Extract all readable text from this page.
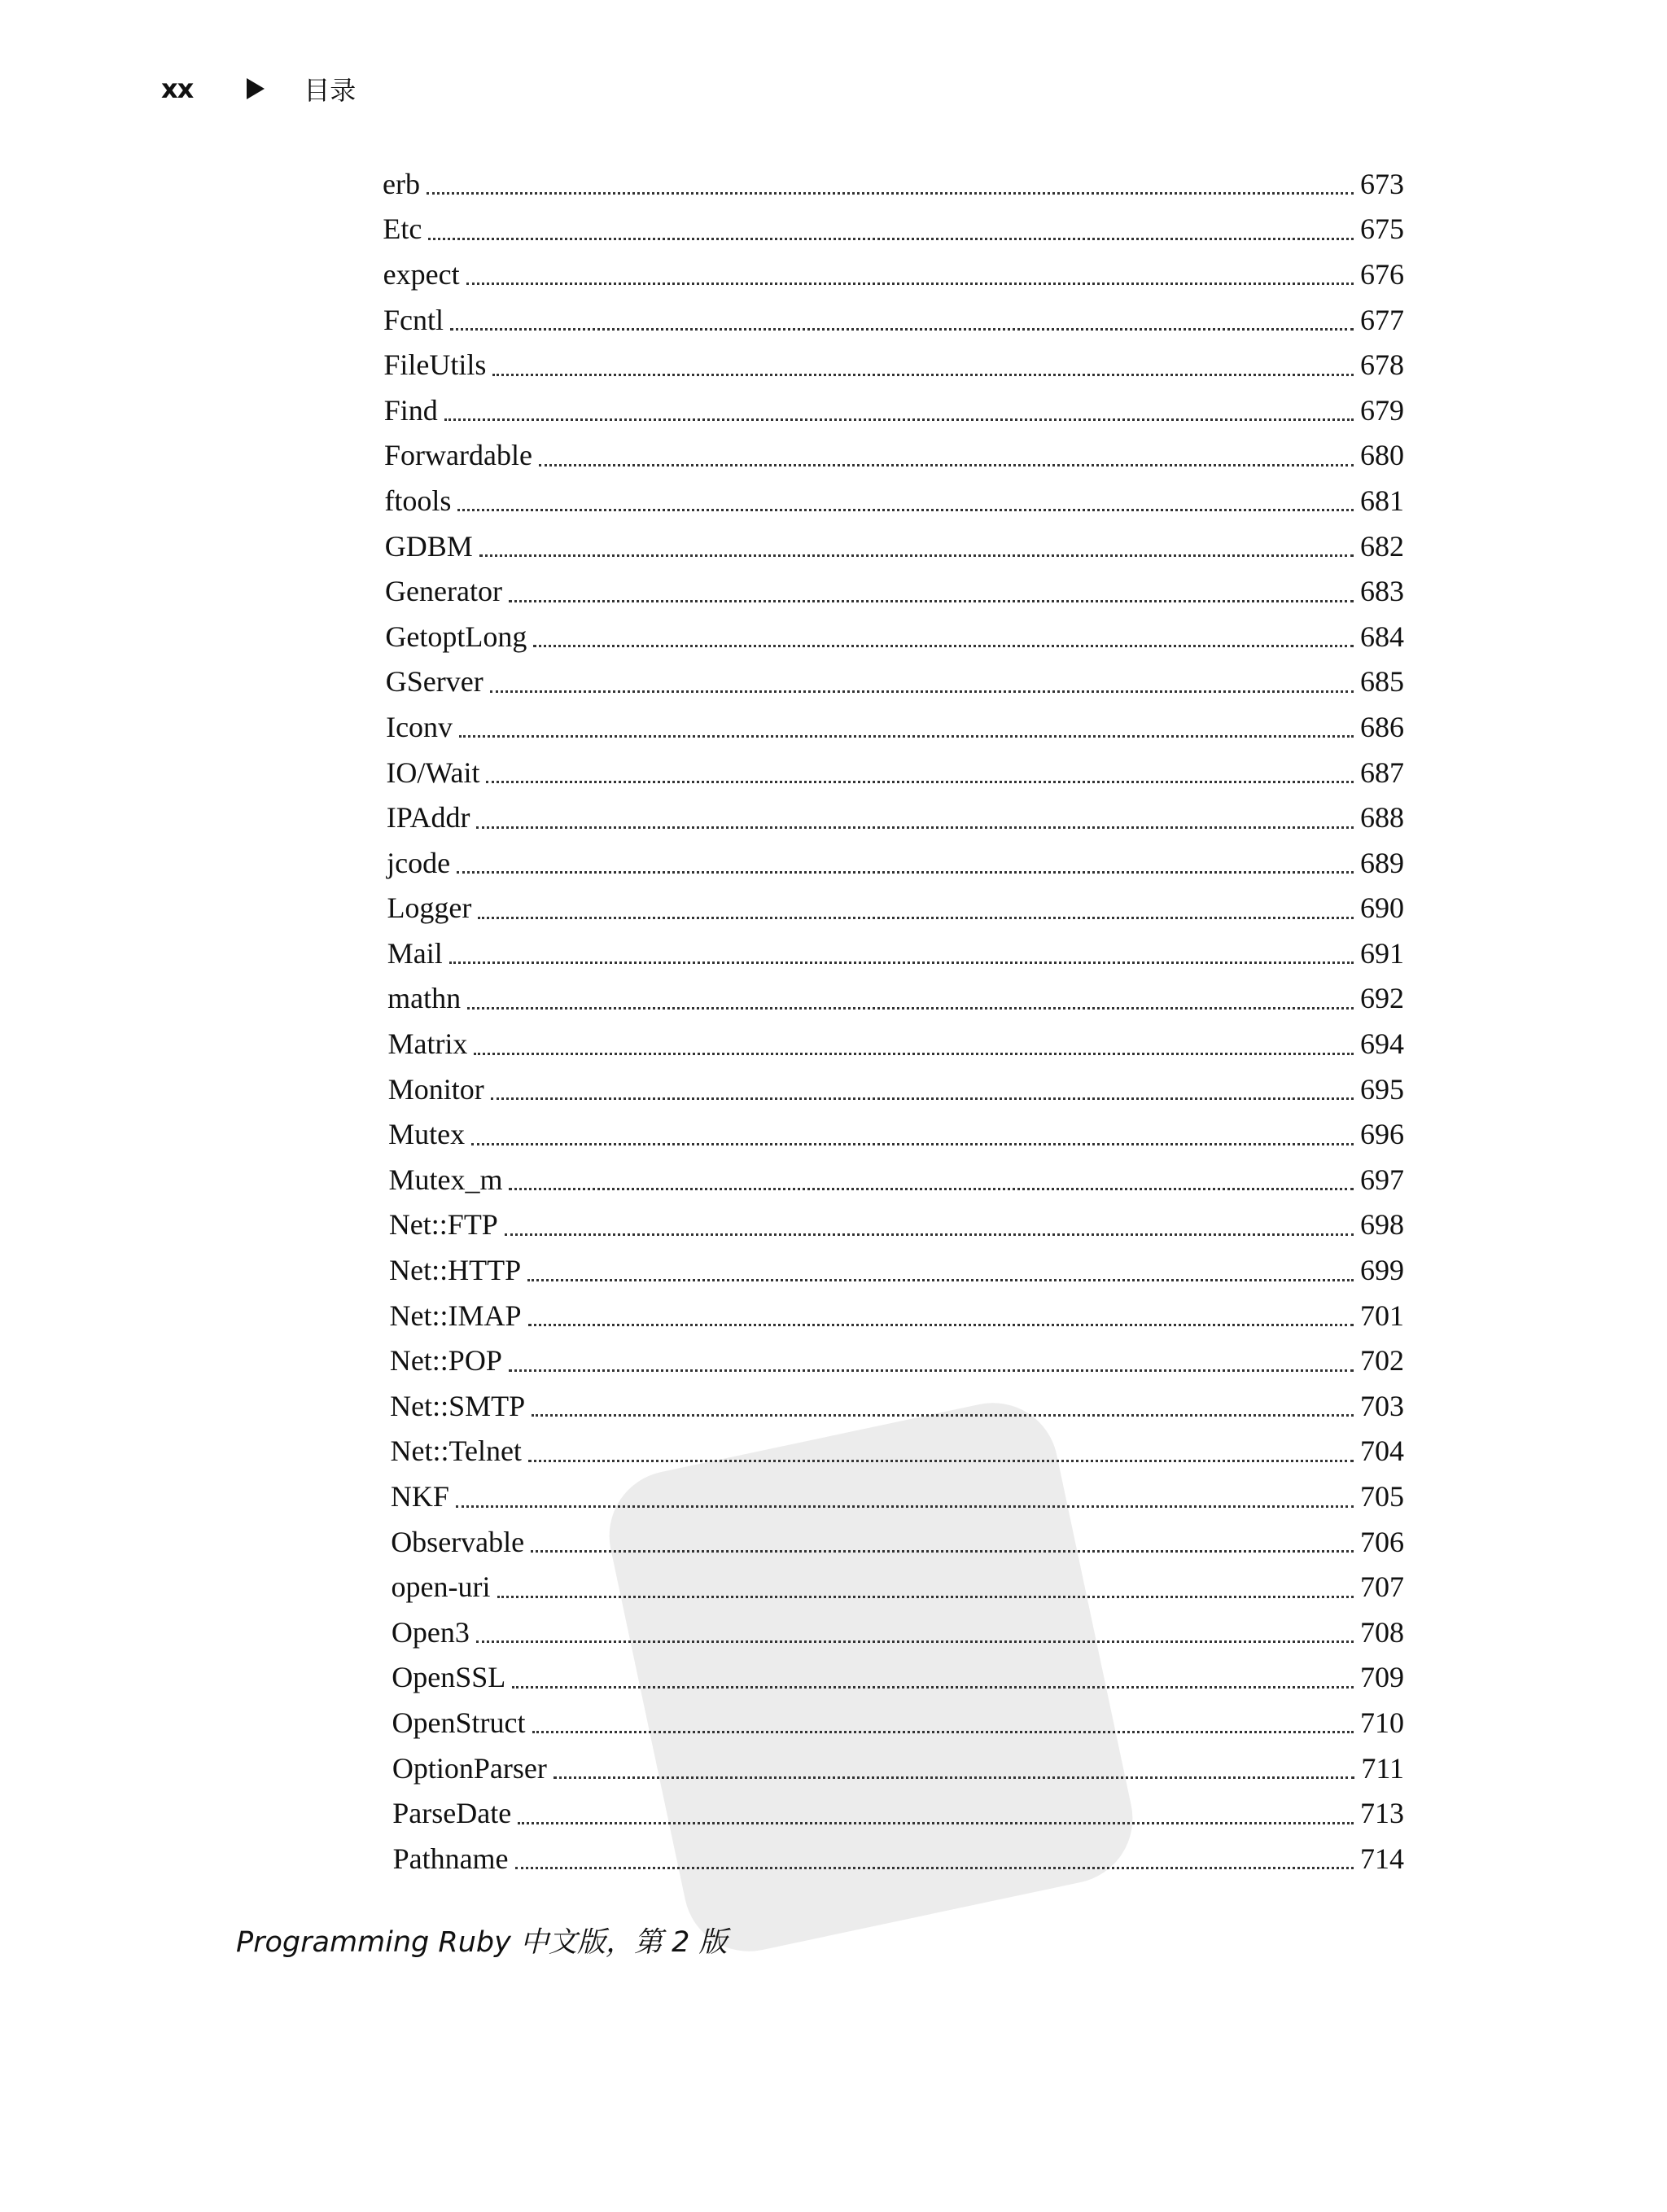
xx	目录
erb	673
Etc	675
expect	676
Fcntl	677
FileUtils	678
Find	679
Forwardable	680
ftools	681
GDBM	682
Generator	683
GetoptLong	684
GServer	685
Iconv	686
IO/Wait	687
IPAddr	688
jcode	689
Logger	690
Mail	691
mathn	692
Matrix	694
Monitor	695
Mutex	696
Mutex_m	697
Net::FTP	698
Net::HTTP	699
Net::IMAP	701
Net::POP	702
Net::SMTP	703
Net::Telnet	704
NKF	705
Observable	706
open-uri	707
Open3	708
OpenSSL	709
OpenStruct	710
OptionParser	711
ParseDate	713
Pathname	714
Programming Ruby 中文版，第 2 版
